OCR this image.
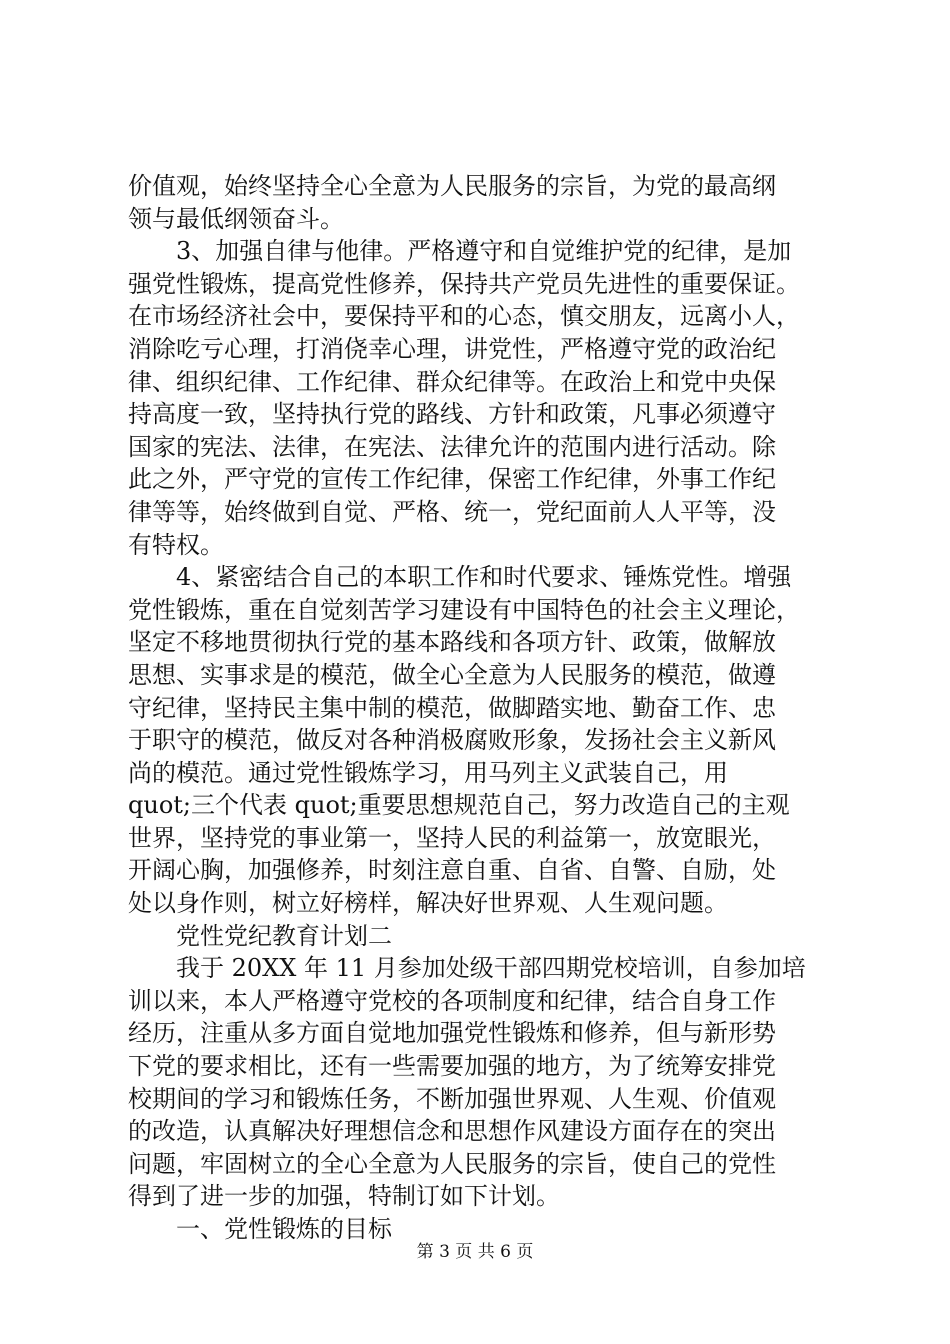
价值观，始终坚持全心全意为人民服务的宗旨，为党的最高纲
领与最低纲领奋斗。
3、加强自律与他律。严格遵守和自觉维护党的纪律，是加
强党性锻炼，提高党性修养，保持共产党员先进性的重要保证。
在市场经济社会中，要保持平和的心态，慎交朋友，远离小人，
消除吃亏心理，打消侥幸心理，讲党性，严格遵守党的政治纪
律、组织纪律、工作纪律、群众纪律等。在政治上和党中央保
持高度一致，坚持执行党的路线、方针和政策，凡事必须遵守
国家的宪法、法律，在宪法、法律允许的范围内进行活动。除
此之外，严守党的宣传工作纪律，保密工作纪律，外事工作纪
律等等，始终做到自觉、严格、统一，党纪面前人人平等，没
有特权。
4、紧密结合自己的本职工作和时代要求、锤炼党性。增强
党性锻炼，重在自觉刻苦学习建设有中国特色的社会主义理论，
坚定不移地贯彻执行党的基本路线和各项方针、政策，做解放
思想、实事求是的模范，做全心全意为人民服务的模范，做遵
守纪律，坚持民主集中制的模范，做脚踏实地、勤奋工作、忠
于职守的模范，做反对各种消极腐败形象，发扬社会主义新风
尚的模范。通过党性锻炼学习，用马列主义武装自己，用
quot;三个代表 quot;重要思想规范自己，努力改造自己的主观
世界，坚持党的事业第一，坚持人民的利益第一，放宽眼光，
开阔心胸，加强修养，时刻注意自重、自省、自警、自励，处
处以身作则，树立好榜样，解决好世界观、人生观问题。
党性党纪教育计划二
我于 20XX 年 11 月参加处级干部四期党校培训，自参加培
训以来，本人严格遵守党校的各项制度和纪律，结合自身工作
经历，注重从多方面自觉地加强党性锻炼和修养，但与新形势
下党的要求相比，还有一些需要加强的地方，为了统筹安排党
校期间的学习和锻炼任务，不断加强世界观、人生观、价值观
的改造，认真解决好理想信念和思想作风建设方面存在的突出
问题，牢固树立的全心全意为人民服务的宗旨，使自己的党性
得到了进一步的加强，特制订如下计划。
一、党性锻炼的目标
第 3 页 共 6 页
